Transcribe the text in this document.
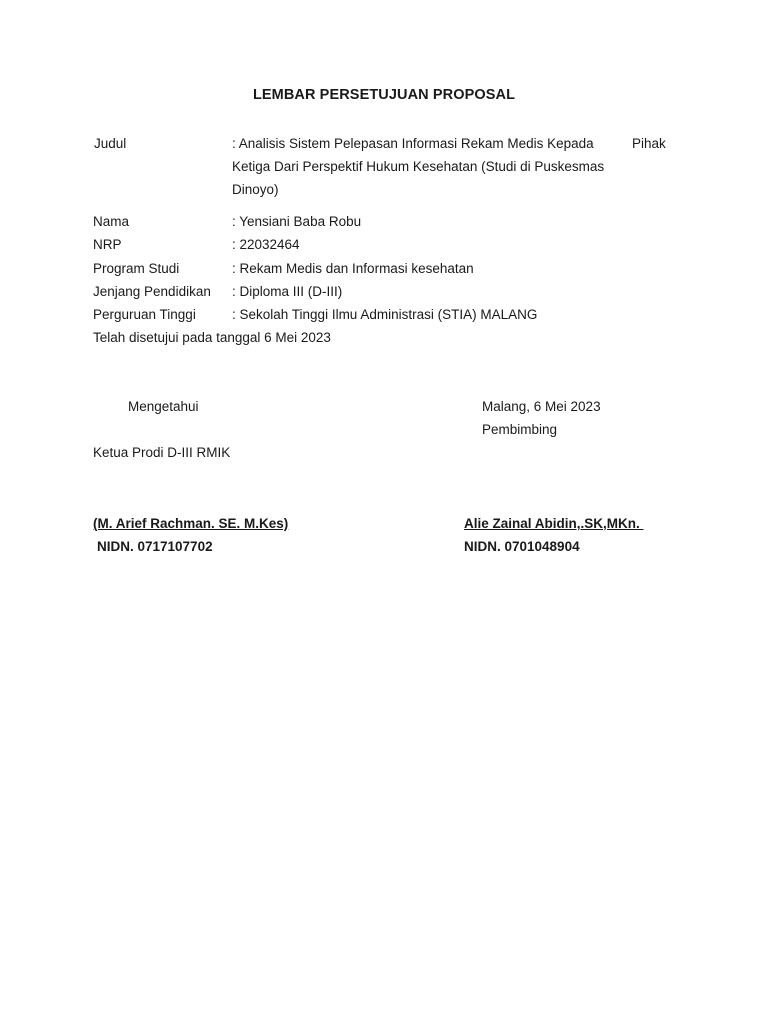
LEMBAR PERSETUJUAN PROPOSAL
Judul	: Analisis Sistem Pelepasan Informasi Rekam Medis Kepada	Pihak
Ketiga Dari Perspektif Hukum Kesehatan (Studi di Puskesmas
Dinoyo)
Nama	: Yensiani Baba Robu
NRP	: 22032464
Program Studi	: Rekam Medis dan Informasi kesehatan
Jenjang Pendidikan : Diploma III (D-III)
Perguruan Tinggi	: Sekolah Tinggi Ilmu Administrasi (STIA) MALANG
Telah disetujui pada tanggal 6 Mei 2023
Mengetahui
Ketua Prodi D-III RMIK
(M. Arief Rachman. SE. M.Kes)
NIDN. 0717107702
Malang, 6 Mei 2023
Pembimbing
Alie Zainal Abidin,.SK,MKn.
NIDN. 0701048904
